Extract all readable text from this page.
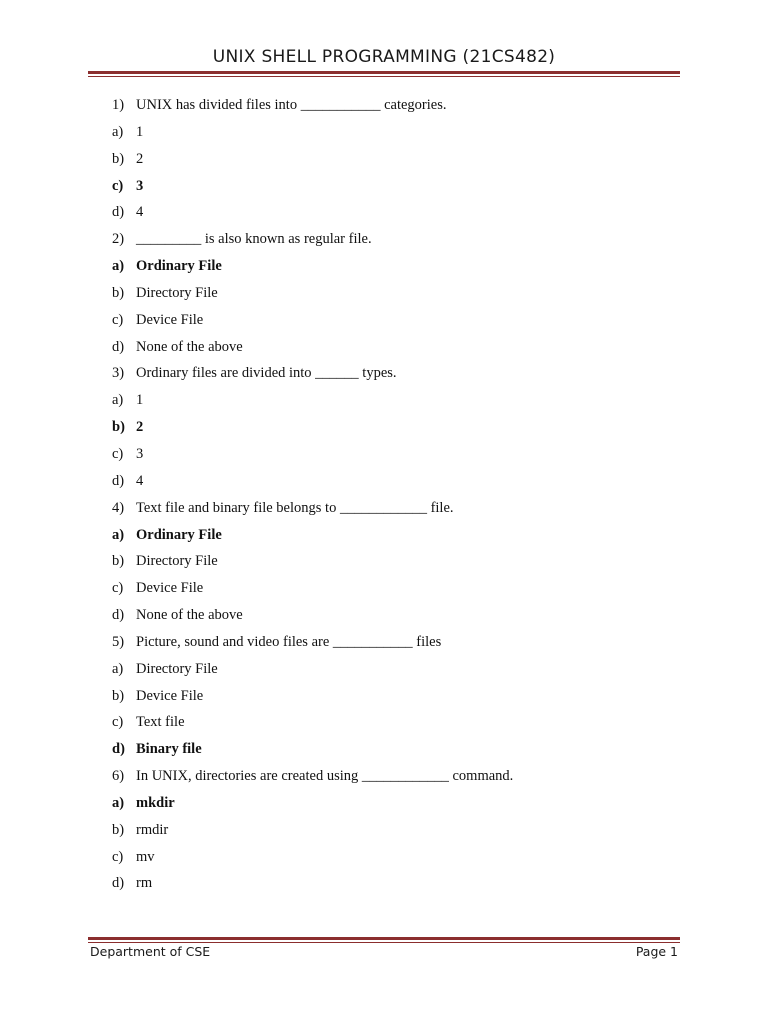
UNIX SHELL PROGRAMMING (21CS482)
1) UNIX has divided files into ___________ categories.
a) 1
b) 2
c) 3
d) 4
2) _________ is also known as regular file.
a) Ordinary File
b) Directory File
c) Device File
d) None of the above
3) Ordinary files are divided into ______ types.
a) 1
b) 2
c) 3
d) 4
4) Text file and binary file belongs to ____________ file.
a) Ordinary File
b) Directory File
c) Device File
d) None of the above
5) Picture, sound and video files are ___________ files
a) Directory File
b) Device File
c) Text file
d) Binary file
6) In UNIX, directories are created using ____________ command.
a) mkdir
b) rmdir
c) mv
d) rm
Department of CSE	Page 1
